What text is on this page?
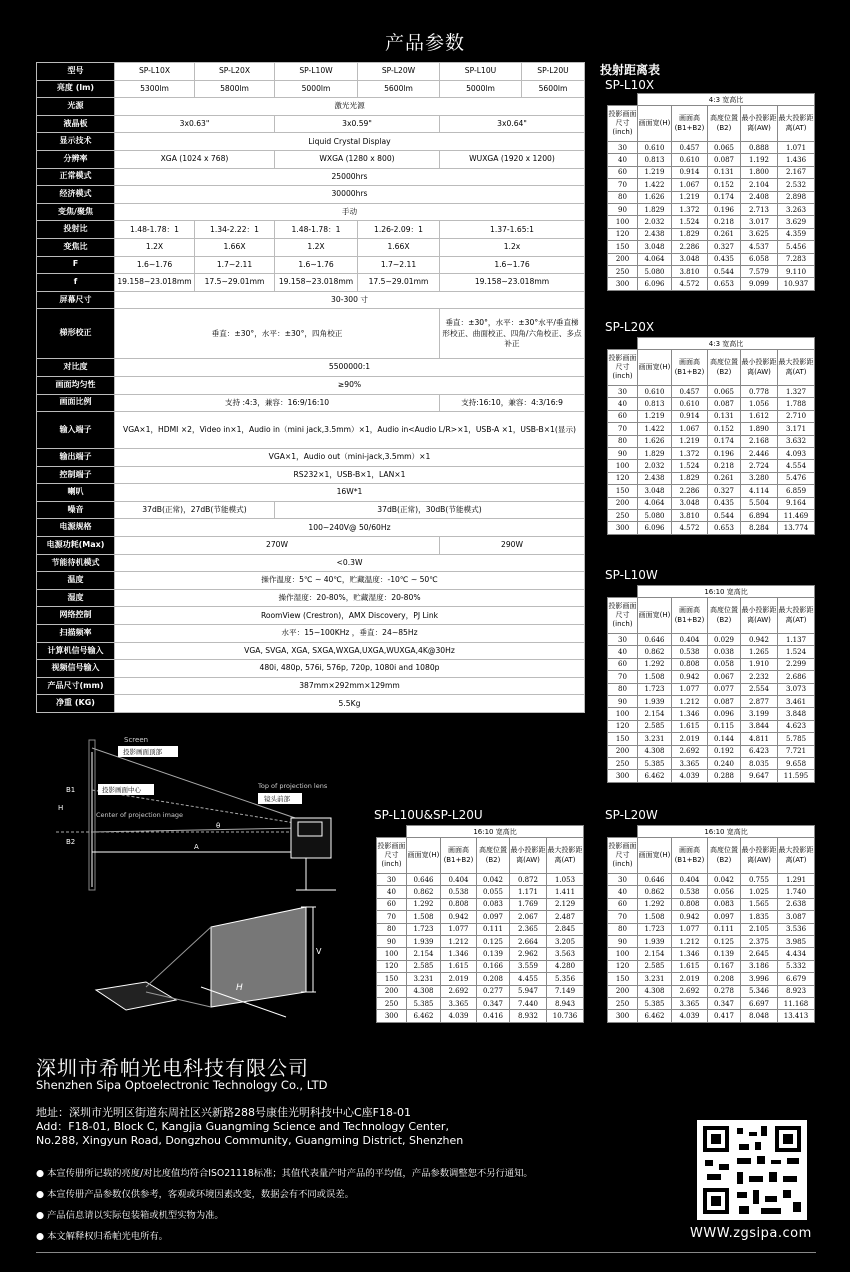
产品参数
型号	SP-L10X	SP-L20X	SP-L10W	SP-L20W	SP-L10U	SP-L20U
亮度 (lm)	5300lm	5800lm	5000lm	5600lm	5000lm	5600lm
光源	激光光源					
液晶板	3x0.63"		3x0.59"		3x0.64"	
显示技术	Liquid Crystal Display					
分辨率	XGA (1024 x 768)		WXGA (1280 x 800)		WUXGA (1920 x 1200)	
正常模式	25000hrs					
经济模式	30000hrs					
变焦/聚焦	手动					
投射比	1.48-1.78：1	1.34-2.22：1	1.48-1.78：1	1.26-2.09：1	1.37-1.65:1	
变焦比	1.2X	1.66X	1.2X	1.66X	1.2x	
F	1.6~1.76	1.7~2.11	1.6~1.76	1.7~2.11	1.6~1.76	
f	19.158~23.018mm	17.5~29.01mm	19.158~23.018mm	17.5~29.01mm	19.158~23.018mm	
屏幕尺寸	30-300 寸					
梯形校正	垂直：±30°，水平：±30°，四角校正				垂直：±30°，水平：±30°水平/垂直梯形校正、曲面校正、四角/六角校正、多点补正	
对比度	5500000:1					
画面均匀性	≥90%					
画面比例	支持 :4:3，兼容：16:9/16:10				支持:16:10，兼容：4:3/16:9	
输入端子	VGA×1，HDMI ×2，Video in×1，Audio in（mini jack,3.5mm）×1，Audio in<Audio L/R>×1，USB-A ×1，USB-B×1(显示)					
输出端子	VGA×1，Audio out（mini-jack,3.5mm）×1					
控制端子	RS232×1，USB-B×1，LAN×1					
喇叭	16W*1					
噪音	37dB(正常)，27dB(节能模式)		37dB(正常)，30dB(节能模式)			
电源规格	100~240V@ 50/60Hz					
电源功耗(Max)	270W				290W	
节能待机模式	<0.3W					
温度	操作温度：5℃ ~ 40℃，贮藏温度：-10℃ ~ 50℃					
湿度	操作湿度：20-80%，贮藏湿度：20-80%					
网络控制	RoomView (Crestron)，AMX Discovery，PJ Link					
扫描频率	水平：15~100KHz ，垂直：24~85Hz					
计算机信号输入	VGA, SVGA, XGA, SXGA,WXGA,UXGA,WUXGA,4K@30Hz					
视频信号输入	480i, 480p, 576i, 576p, 720p, 1080i and 1080p					
产品尺寸(mm)	387mm×292mm×129mm					
净重 (KG)	5.5Kg					
投射距离表
SP-L10X
	4:3 宽高比				
投影画面尺寸(inch)	画面宽(H)	画面高(B1+B2)	高度位置(B2)	最小投影距离(AW)	最大投影距离(AT)
30	0.610	0.457	0.065	0.888	1.071
40	0.813	0.610	0.087	1.192	1.436
60	1.219	0.914	0.131	1.800	2.167
70	1.422	1.067	0.152	2.104	2.532
80	1.626	1.219	0.174	2.408	2.898
90	1.829	1.372	0.196	2.713	3.263
100	2.032	1.524	0.218	3.017	3.629
120	2.438	1.829	0.261	3.625	4.359
150	3.048	2.286	0.327	4.537	5.456
200	4.064	3.048	0.435	6.058	7.283
250	5.080	3.810	0.544	7.579	9.110
300	6.096	4.572	0.653	9.099	10.937
SP-L20X
	4:3 宽高比				
投影画面尺寸(inch)	画面宽(H)	画面高(B1+B2)	高度位置(B2)	最小投影距离(AW)	最大投影距离(AT)
30	0.610	0.457	0.065	0.778	1.327
40	0.813	0.610	0.087	1.056	1.788
60	1.219	0.914	0.131	1.612	2.710
70	1.422	1.067	0.152	1.890	3.171
80	1.626	1.219	0.174	2.168	3.632
90	1.829	1.372	0.196	2.446	4.093
100	2.032	1.524	0.218	2.724	4.554
120	2.438	1.829	0.261	3.280	5.476
150	3.048	2.286	0.327	4.114	6.859
200	4.064	3.048	0.435	5.504	9.164
250	5.080	3.810	0.544	6.894	11.469
300	6.096	4.572	0.653	8.284	13.774
SP-L10W
	16:10 宽高比				
投影画面尺寸(inch)	画面宽(H)	画面高(B1+B2)	高度位置(B2)	最小投影距离(AW)	最大投影距离(AT)
30	0.646	0.404	0.029	0.942	1.137
40	0.862	0.538	0.038	1.265	1.524
60	1.292	0.808	0.058	1.910	2.299
70	1.508	0.942	0.067	2.232	2.686
80	1.723	1.077	0.077	2.554	3.073
90	1.939	1.212	0.087	2.877	3.461
100	2.154	1.346	0.096	3.199	3.848
120	2.585	1.615	0.115	3.844	4.623
150	3.231	2.019	0.144	4.811	5.785
200	4.308	2.692	0.192	6.423	7.721
250	5.385	3.365	0.240	8.035	9.658
300	6.462	4.039	0.288	9.647	11.595
SP-L10U&SP-L20U
	16:10 宽高比				
投影画面尺寸(inch)	画面宽(H)	画面高(B1+B2)	高度位置(B2)	最小投影距离(AW)	最大投影距离(AT)
30	0.646	0.404	0.042	0.872	1.053
40	0.862	0.538	0.055	1.171	1.411
60	1.292	0.808	0.083	1.769	2.129
70	1.508	0.942	0.097	2.067	2.487
80	1.723	1.077	0.111	2.365	2.845
90	1.939	1.212	0.125	2.664	3.205
100	2.154	1.346	0.139	2.962	3.563
120	2.585	1.615	0.166	3.559	4.280
150	3.231	2.019	0.208	4.455	5.356
200	4.308	2.692	0.277	5.947	7.149
250	5.385	3.365	0.347	7.440	8.943
300	6.462	4.039	0.416	8.932	10.736
SP-L20W
	16:10 宽高比				
投影画面尺寸(inch)	画面宽(H)	画面高(B1+B2)	高度位置(B2)	最小投影距离(AW)	最大投影距离(AT)
30	0.646	0.404	0.042	0.755	1.291
40	0.862	0.538	0.056	1.025	1.740
60	1.292	0.808	0.083	1.565	2.638
70	1.508	0.942	0.097	1.835	3.087
80	1.723	1.077	0.111	2.105	3.536
90	1.939	1.212	0.125	2.375	3.985
100	2.154	1.346	0.139	2.645	4.434
120	2.585	1.615	0.167	3.186	5.332
150	3.231	2.019	0.208	3.996	6.679
200	4.308	2.692	0.278	5.346	8.923
250	5.385	3.365	0.347	6.697	11.168
300	6.462	4.039	0.417	8.048	13.413
Screen
投影画面顶部
投影画面中心
Center of projection image
Top of projection lens
镜头前部
B1
B2
H
A
θ
V
H
深圳市希帕光电科技有限公司
Shenzhen Sipa Optoelectronic Technology Co., LTD
地址：深圳市光明区街道东周社区兴新路288号康佳光明科技中心C座F18-01
Add：F18-01, Block C, Kangjia Guangming Science and Technology Center,
No.288, Xingyun Road, Dongzhou Community, Guangming District, Shenzhen
● 本宣传册所记载的亮度/对比度值均符合ISO21118标准；其值代表量产时产品的平均值，产品参数调整恕不另行通知。
● 本宣传册产品参数仅供参考，客观或环境因素改变，数据会有不同或误差。
● 产品信息请以实际包装箱或机型实物为准。
● 本文解释权归希帕光电所有。	WWW.zgsipa.com
